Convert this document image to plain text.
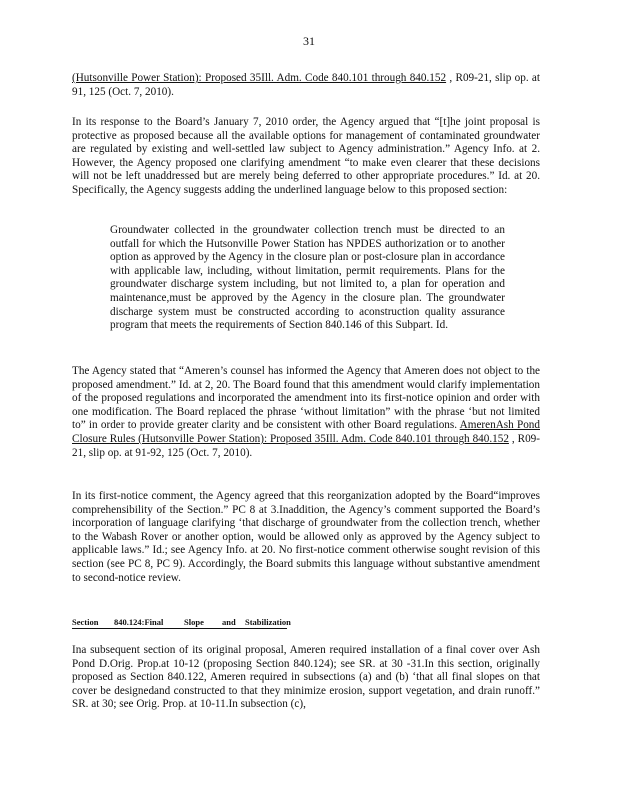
31

(Hutsonville Power Station): Proposed 35Ill. Adm. Code 840.101 through 840.152 , R09-21, slip op. at 91, 125 (Oct. 7, 2010).

In its response to the Board’s January 7, 2010 order, the Agency argued that “[t]he joint proposal is protective as proposed because all the available options for management of contaminated groundwater are regulated by existing and well-settled law subject to Agency administration.” Agency Info. at 2. However, the Agency proposed one clarifying amendment “to make even clearer that these decisions will not be left unaddressed but are merely being deferred to other appropriate procedures.” Id. at 20. Specifically, the Agency suggests adding the underlined language below to this proposed section:

Groundwater collected in the groundwater collection trench must be directed to an outfall for which the Hutsonville Power Station has NPDES authorization or to another option as approved by the Agency in the closure plan or post-closure plan in accordance with applicable law, including, without limitation, permit requirements. Plans for the groundwater discharge system including, but not limited to, a plan for operation and maintenance,must be approved by the Agency in the closure plan. The groundwater discharge system must be constructed according to aconstruction quality assurance program that meets the requirements of Section 840.146 of this Subpart. Id.

The Agency stated that “Ameren’s counsel has informed the Agency that Ameren does not object to the proposed amendment.” Id. at 2, 20. The Board found that this amendment would clarify implementation of the proposed regulations and incorporated the amendment into its first-notice opinion and order with one modification. The Board replaced the phrase ‘without limitation” with the phrase ‘but not limited to” in order to provide greater clarity and be consistent with other Board regulations. AmerenAsh Pond Closure Rules (Hutsonville Power Station): Proposed 35Ill. Adm. Code 840.101 through 840.152 , R09-21, slip op. at 91-92, 125 (Oct. 7, 2010).

In its first-notice comment, the Agency agreed that this reorganization adopted by the Board“improves comprehensibility of the Section.” PC 8 at 3.Inaddition, the Agency’s comment supported the Board’s incorporation of language clarifying ‘that discharge of groundwater from the collection trench, whether to the Wabash Rover or another option, would be allowed only as approved by the Agency subject to applicable laws.” Id.; see Agency Info. at 20. No first-notice comment otherwise sought revision of this section (see PC 8, PC 9). Accordingly, the Board submits this language without substantive amendment to second-notice review.

Section 840.124:Final Slope and Stabilization

Ina subsequent section of its original proposal, Ameren required installation of a final cover over Ash Pond D.Orig. Prop.at 10-12 (proposing Section 840.124); see SR. at 30 -31.In this section, originally proposed as Section 840.122, Ameren required in subsections (a) and (b) ‘that all final slopes on that cover be designedand constructed to that they minimize erosion, support vegetation, and drain runoff.” SR. at 30; see Orig. Prop. at 10-11.In subsection (c),
